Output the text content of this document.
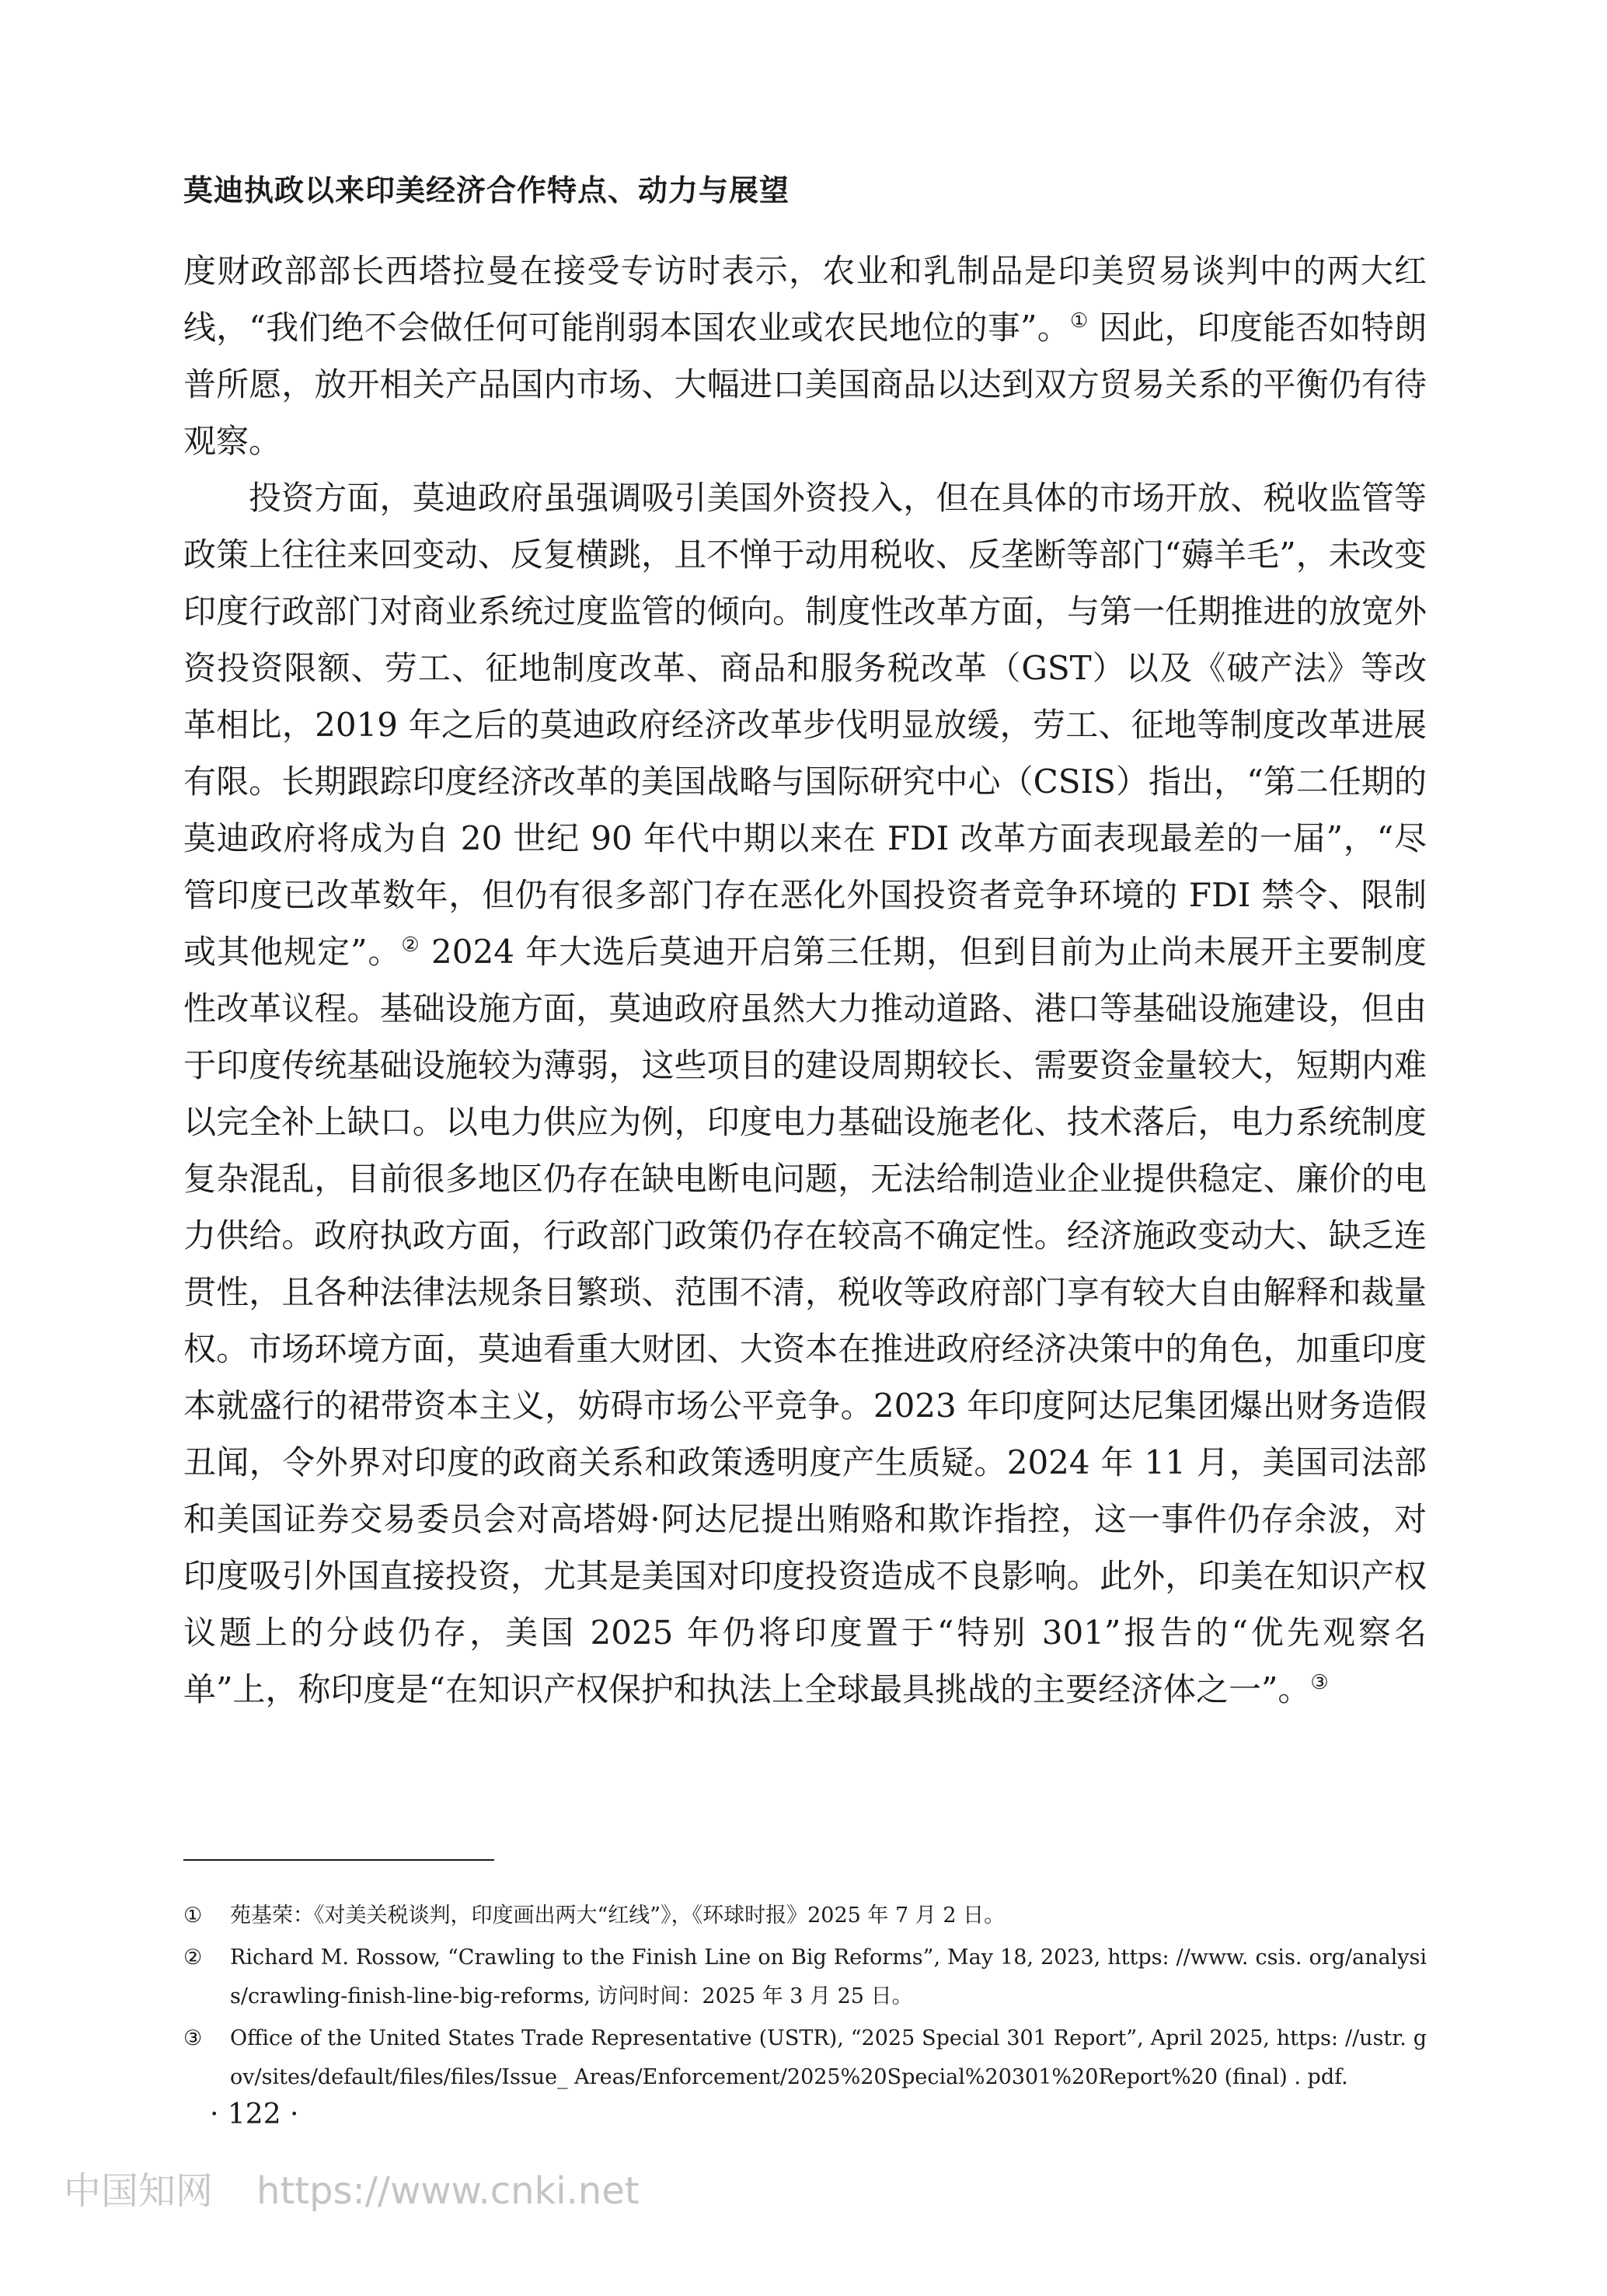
莫迪执政以来印美经济合作特点、动力与展望

度财政部部长西塔拉曼在接受专访时表示，农业和乳制品是印美贸易谈判中的两大红线，“我们绝不会做任何可能削弱本国农业或农民地位的事”。① 因此，印度能否如特朗普所愿，放开相关产品国内市场、大幅进口美国商品以达到双方贸易关系的平衡仍有待观察。

投资方面，莫迪政府虽强调吸引美国外资投入，但在具体的市场开放、税收监管等政策上往往来回变动、反复横跳，且不惮于动用税收、反垄断等部门“薅羊毛”，未改变印度行政部门对商业系统过度监管的倾向。制度性改革方面，与第一任期推进的放宽外资投资限额、劳工、征地制度改革、商品和服务税改革（GST）以及《破产法》等改革相比，2019 年之后的莫迪政府经济改革步伐明显放缓，劳工、征地等制度改革进展有限。长期跟踪印度经济改革的美国战略与国际研究中心（CSIS）指出，“第二任期的莫迪政府将成为自 20 世纪 90 年代中期以来在 FDI 改革方面表现最差的一届”，“尽管印度已改革数年，但仍有很多部门存在恶化外国投资者竞争环境的 FDI 禁令、限制或其他规定”。② 2024 年大选后莫迪开启第三任期，但到目前为止尚未展开主要制度性改革议程。基础设施方面，莫迪政府虽然大力推动道路、港口等基础设施建设，但由于印度传统基础设施较为薄弱，这些项目的建设周期较长、需要资金量较大，短期内难以完全补上缺口。以电力供应为例，印度电力基础设施老化、技术落后，电力系统制度复杂混乱，目前很多地区仍存在缺电断电问题，无法给制造业企业提供稳定、廉价的电力供给。政府执政方面，行政部门政策仍存在较高不确定性。经济施政变动大、缺乏连贯性，且各种法律法规条目繁琐、范围不清，税收等政府部门享有较大自由解释和裁量权。市场环境方面，莫迪看重大财团、大资本在推进政府经济决策中的角色，加重印度本就盛行的裙带资本主义，妨碍市场公平竞争。2023 年印度阿达尼集团爆出财务造假丑闻，令外界对印度的政商关系和政策透明度产生质疑。2024 年 11 月，美国司法部和美国证券交易委员会对高塔姆·阿达尼提出贿赂和欺诈指控，这一事件仍存余波，对印度吸引外国直接投资，尤其是美国对印度投资造成不良影响。此外，印美在知识产权议题上的分歧仍存，美国 2025 年仍将印度置于“特别 301”报告的“优先观察名单”上，称印度是“在知识产权保护和执法上全球最具挑战的主要经济体之一”。③

①	苑基荣：《对美关税谈判，印度画出两大“红线”》，《环球时报》2025 年 7 月 2 日。
②	Richard M. Rossow, “Crawling to the Finish Line on Big Reforms”, May 18, 2023, https: //www. csis. org/analysis/crawling-finish-line-big-reforms, 访问时间：2025 年 3 月 25 日。
③	Office of the United States Trade Representative (USTR), “2025 Special 301 Report”, April 2025, https: //ustr. gov/sites/default/files/files/Issue_ Areas/Enforcement/2025%20Special%20301%20Report%20 (final) . pdf.
· 122 ·
中国知网 https://www.cnki.net
